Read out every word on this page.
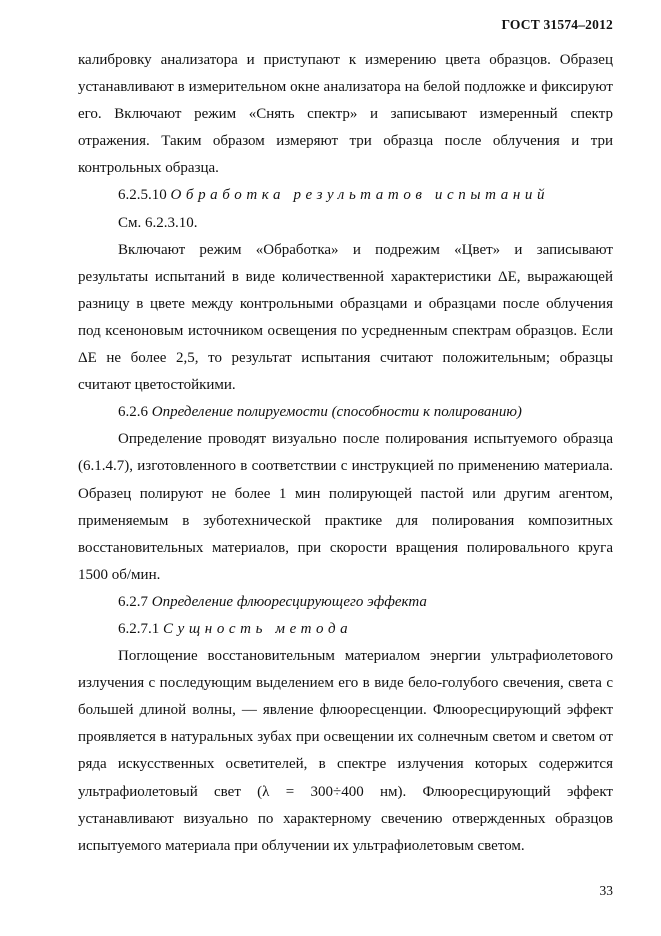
ГОСТ 31574–2012

калибровку анализатора и приступают к измерению цвета образцов. Образец устанавливают в измерительном окне анализатора на белой подложке и фиксируют его. Включают режим «Снять спектр» и записывают измеренный спектр отражения. Таким образом измеряют три образца после облучения и три контрольных образца.

6.2.5.10 Обработка результатов испытаний

См. 6.2.3.10.

Включают режим «Обработка» и подрежим «Цвет» и записывают результаты испытаний в виде количественной характеристики ΔE, выражающей разницу в цвете между контрольными образцами и образцами после облучения под ксеноновым источником освещения по усредненным спектрам образцов. Если ΔE не более 2,5, то результат испытания считают положительным; образцы считают цветостойкими.

6.2.6 Определение полируемости (способности к полированию)

Определение проводят визуально после полирования испытуемого образца (6.1.4.7), изготовленного в соответствии с инструкцией по применению материала. Образец полируют не более 1 мин полирующей пастой или другим агентом, применяемым в зуботехнической практике для полирования композитных восстановительных материалов, при скорости вращения полировального круга 1500 об/мин.

6.2.7 Определение флюоресцирующего эффекта

6.2.7.1 Сущность метода

Поглощение восстановительным материалом энергии ультрафиолетового излучения с последующим выделением его в виде бело-голубого свечения, света с большей длиной волны, — явление флюоресценции. Флюоресцирующий эффект проявляется в натуральных зубах при освещении их солнечным светом и светом от ряда искусственных осветителей, в спектре излучения которых содержится ультрафиолетовый свет (λ = 300÷400 нм). Флюоресцирующий эффект устанавливают визуально по характерному свечению отвержденных образцов испытуемого материала при облучении их ультрафиолетовым светом.

33
